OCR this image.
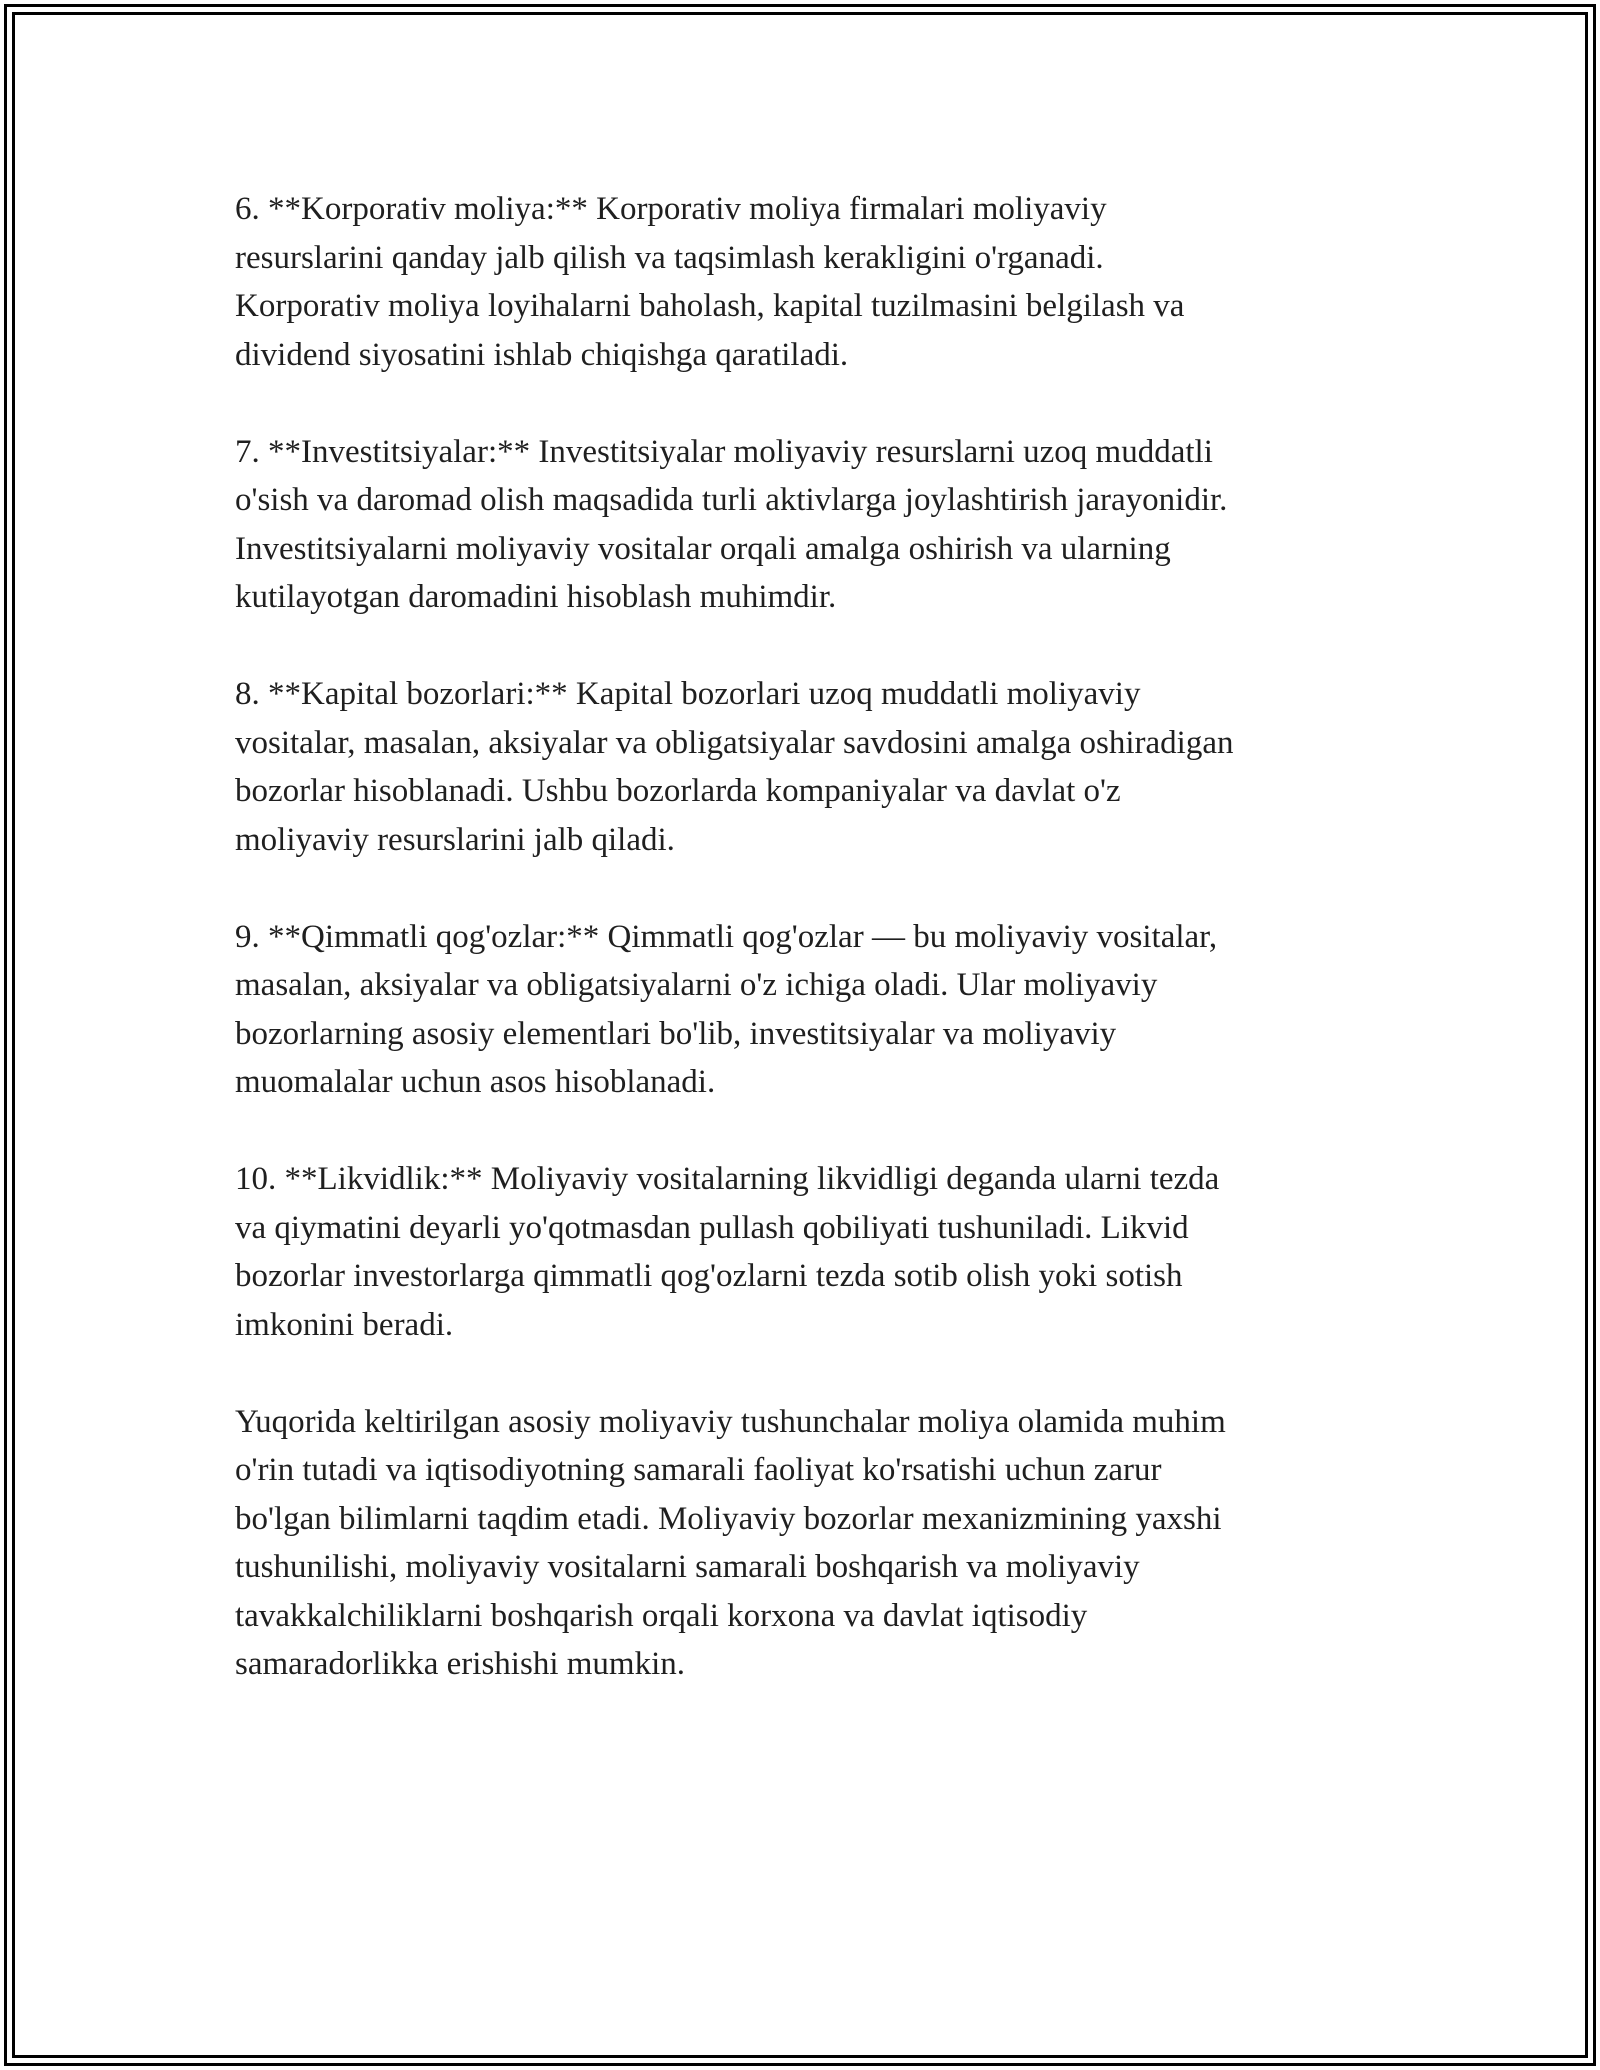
6. **Korporativ moliya:** Korporativ moliya firmalari moliyaviy
resurslarini qanday jalb qilish va taqsimlash kerakligini o'rganadi.
Korporativ moliya loyihalarni baholash, kapital tuzilmasini belgilash va
dividend siyosatini ishlab chiqishga qaratiladi.

7. **Investitsiyalar:** Investitsiyalar moliyaviy resurslarni uzoq muddatli
o'sish va daromad olish maqsadida turli aktivlarga joylashtirish jarayonidir.
Investitsiyalarni moliyaviy vositalar orqali amalga oshirish va ularning
kutilayotgan daromadini hisoblash muhimdir.

8. **Kapital bozorlari:** Kapital bozorlari uzoq muddatli moliyaviy
vositalar, masalan, aksiyalar va obligatsiyalar savdosini amalga oshiradigan
bozorlar hisoblanadi. Ushbu bozorlarda kompaniyalar va davlat o'z
moliyaviy resurslarini jalb qiladi.

9. **Qimmatli qog'ozlar:** Qimmatli qog'ozlar — bu moliyaviy vositalar,
masalan, aksiyalar va obligatsiyalarni o'z ichiga oladi. Ular moliyaviy
bozorlarning asosiy elementlari bo'lib, investitsiyalar va moliyaviy
muomalalar uchun asos hisoblanadi.

10. **Likvidlik:** Moliyaviy vositalarning likvidligi deganda ularni tezda
va qiymatini deyarli yo'qotmasdan pullash qobiliyati tushuniladi. Likvid
bozorlar investorlarga qimmatli qog'ozlarni tezda sotib olish yoki sotish
imkonini beradi.

Yuqorida keltirilgan asosiy moliyaviy tushunchalar moliya olamida muhim
o'rin tutadi va iqtisodiyotning samarali faoliyat ko'rsatishi uchun zarur
bo'lgan bilimlarni taqdim etadi. Moliyaviy bozorlar mexanizmining yaxshi
tushunilishi, moliyaviy vositalarni samarali boshqarish va moliyaviy
tavakkalchiliklarni boshqarish orqali korxona va davlat iqtisodiy
samaradorlikka erishishi mumkin.
